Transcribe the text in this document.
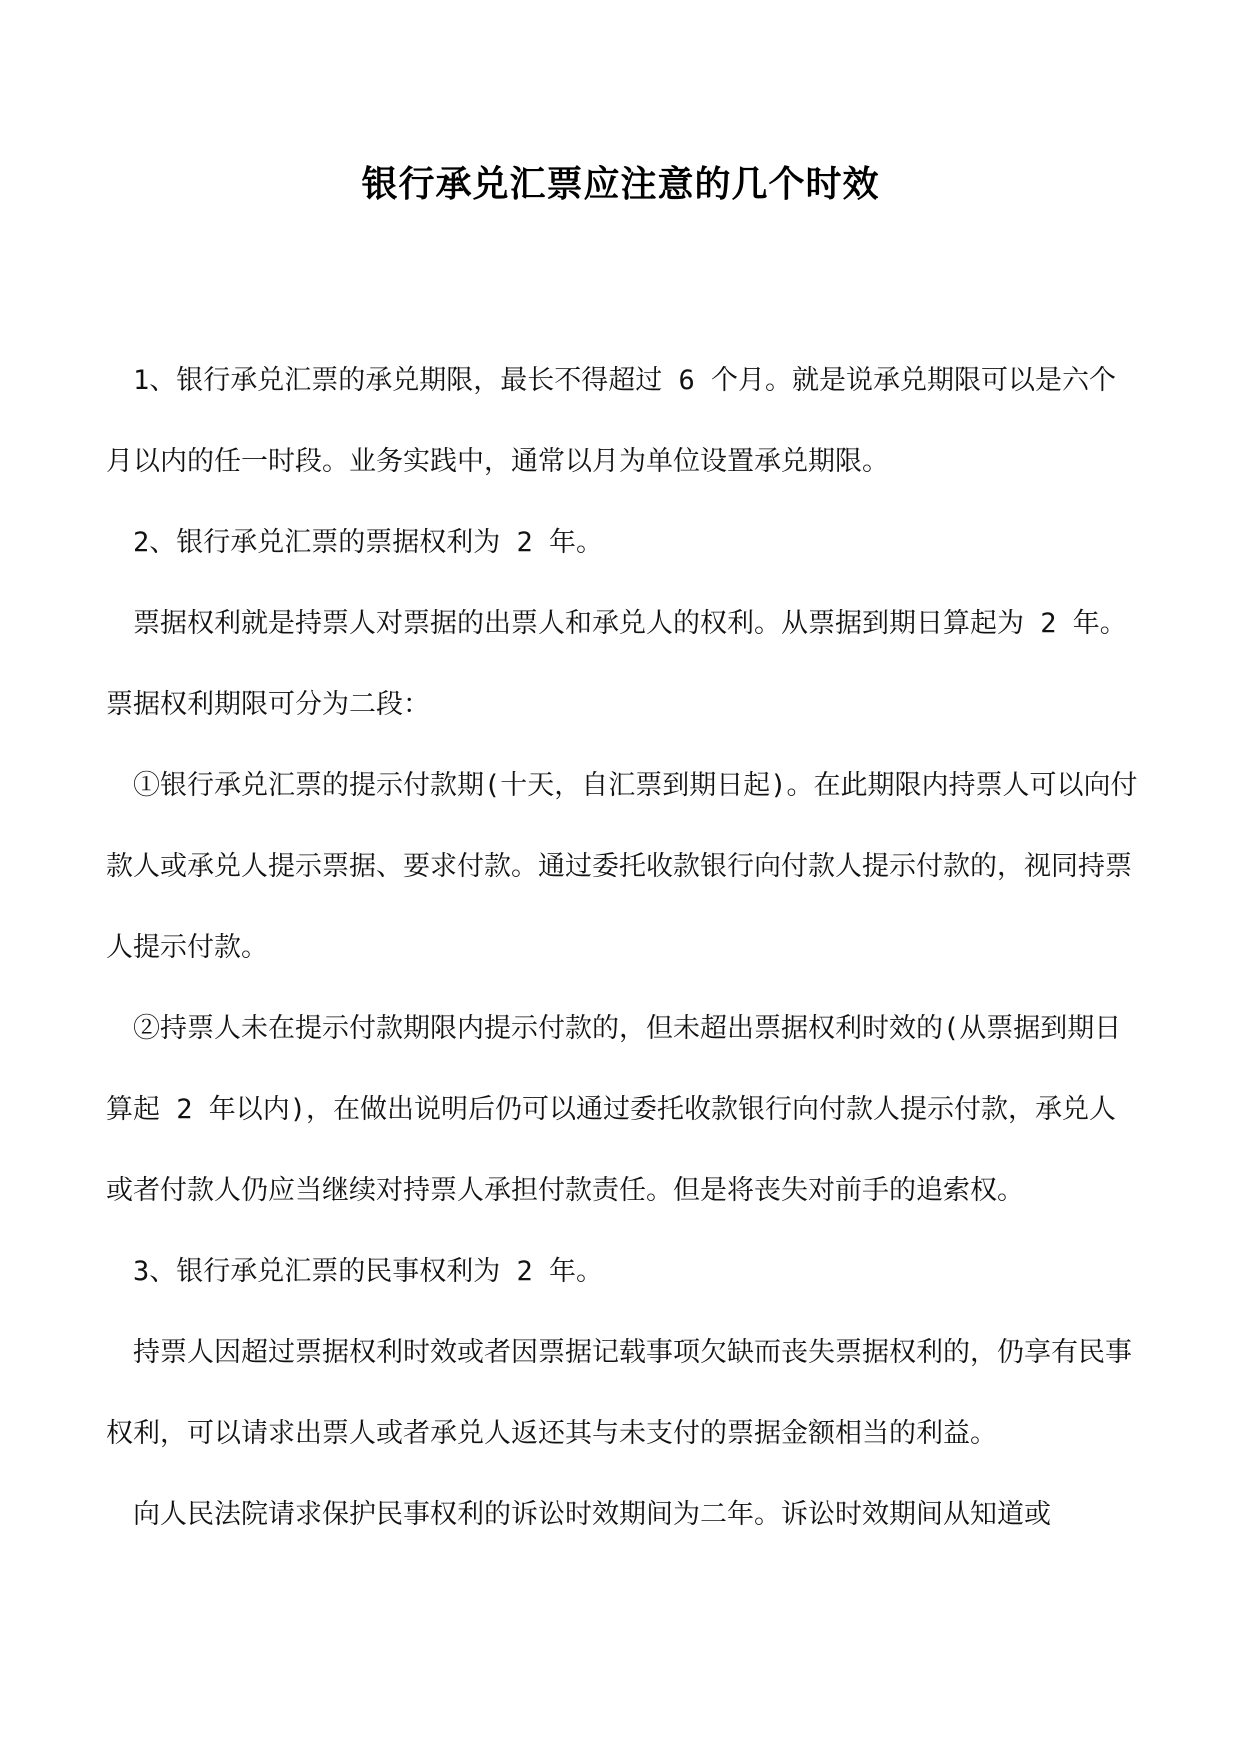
银行承兑汇票应注意的几个时效

1、银行承兑汇票的承兑期限，最长不得超过 6 个月。就是说承兑期限可以是六个月以内的任一时段。业务实践中，通常以月为单位设置承兑期限。

2、银行承兑汇票的票据权利为 2 年。

票据权利就是持票人对票据的出票人和承兑人的权利。从票据到期日算起为 2 年。票据权利期限可分为二段：

①银行承兑汇票的提示付款期(十天，自汇票到期日起)。在此期限内持票人可以向付款人或承兑人提示票据、要求付款。通过委托收款银行向付款人提示付款的，视同持票人提示付款。

②持票人未在提示付款期限内提示付款的，但未超出票据权利时效的(从票据到期日算起 2 年以内)，在做出说明后仍可以通过委托收款银行向付款人提示付款，承兑人或者付款人仍应当继续对持票人承担付款责任。但是将丧失对前手的追索权。

3、银行承兑汇票的民事权利为 2 年。

持票人因超过票据权利时效或者因票据记载事项欠缺而丧失票据权利的，仍享有民事权利，可以请求出票人或者承兑人返还其与未支付的票据金额相当的利益。

向人民法院请求保护民事权利的诉讼时效期间为二年。诉讼时效期间从知道或
